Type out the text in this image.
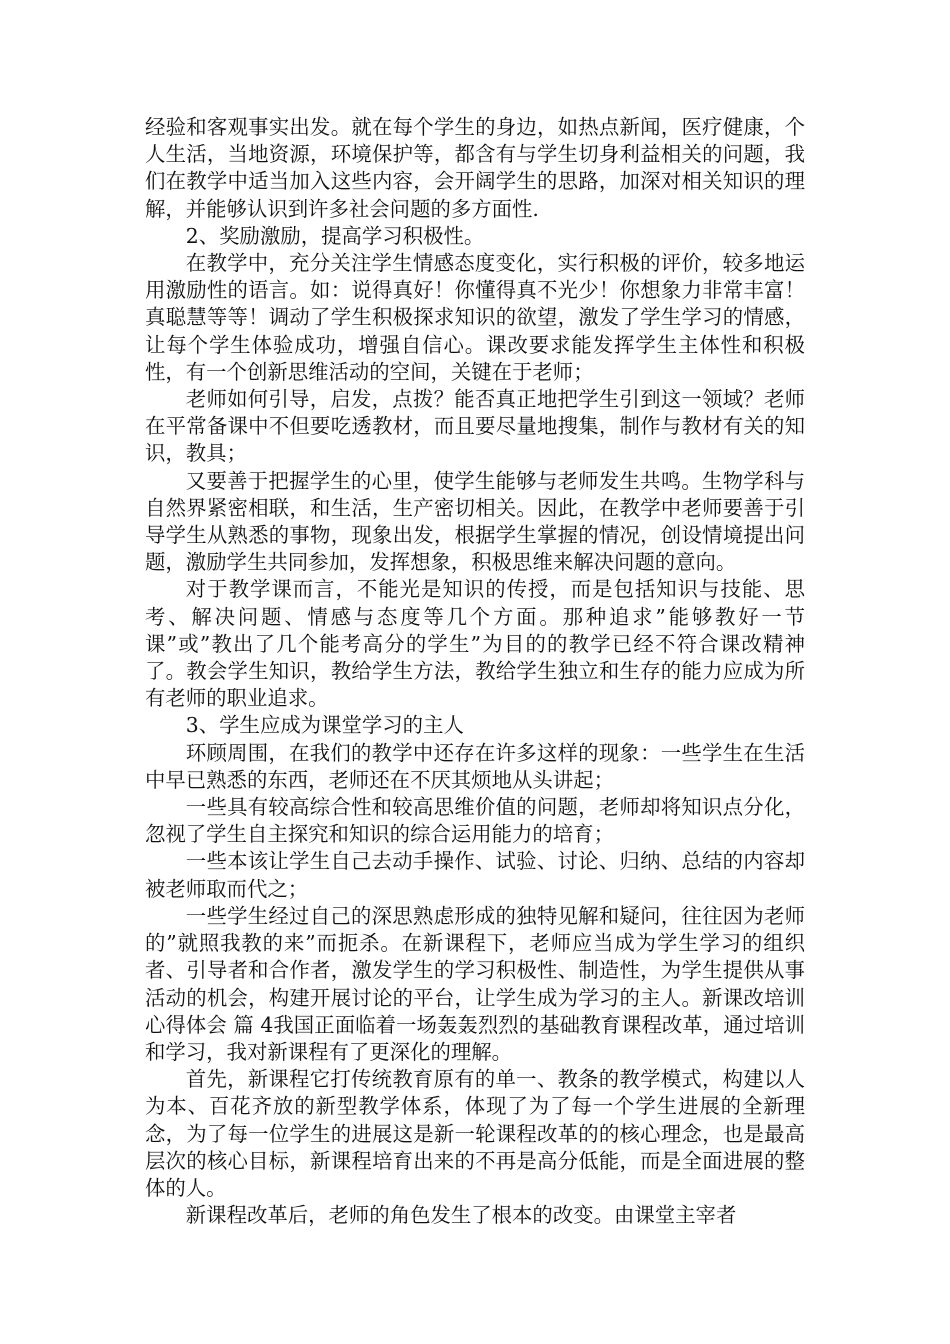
经验和客观事实出发。就在每个学生的身边，如热点新闻，医疗健康，个人生活，当地资源，环境保护等，都含有与学生切身利益相关的问题，我们在教学中适当加入这些内容，会开阔学生的思路，加深对相关知识的理解，并能够认识到许多社会问题的多方面性.

2、奖励激励，提高学习积极性。

在教学中，充分关注学生情感态度变化，实行积极的评价，较多地运用激励性的语言。如：说得真好！你懂得真不光少！你想象力非常丰富！真聪慧等等！调动了学生积极探求知识的欲望，激发了学生学习的情感，让每个学生体验成功，增强自信心。课改要求能发挥学生主体性和积极性，有一个创新思维活动的空间，关键在于老师；

老师如何引导，启发，点拨？能否真正地把学生引到这一领域？老师在平常备课中不但要吃透教材，而且要尽量地搜集，制作与教材有关的知识，教具；

又要善于把握学生的心里，使学生能够与老师发生共鸣。生物学科与自然界紧密相联，和生活，生产密切相关。因此，在教学中老师要善于引导学生从熟悉的事物，现象出发，根据学生掌握的情况，创设情境提出问题，激励学生共同参加，发挥想象，积极思维来解决问题的意向。

对于教学课而言，不能光是知识的传授，而是包括知识与技能、思考、解决问题、情感与态度等几个方面。那种追求”能够教好一节课”或”教出了几个能考高分的学生”为目的的教学已经不符合课改精神了。教会学生知识，教给学生方法，教给学生独立和生存的能力应成为所有老师的职业追求。

3、学生应成为课堂学习的主人

环顾周围，在我们的教学中还存在许多这样的现象：一些学生在生活中早已熟悉的东西，老师还在不厌其烦地从头讲起；

一些具有较高综合性和较高思维价值的问题，老师却将知识点分化，忽视了学生自主探究和知识的综合运用能力的培育；

一些本该让学生自己去动手操作、试验、讨论、归纳、总结的内容却被老师取而代之；

一些学生经过自己的深思熟虑形成的独特见解和疑问，往往因为老师的”就照我教的来”而扼杀。在新课程下，老师应当成为学生学习的组织者、引导者和合作者，激发学生的学习积极性、制造性，为学生提供从事活动的机会，构建开展讨论的平台，让学生成为学习的主人。新课改培训心得体会 篇 4我国正面临着一场轰轰烈烈的基础教育课程改革，通过培训和学习，我对新课程有了更深化的理解。

首先，新课程它打传统教育原有的单一、教条的教学模式，构建以人为本、百花齐放的新型教学体系，体现了为了每一个学生进展的全新理念，为了每一位学生的进展这是新一轮课程改革的的核心理念，也是最高层次的核心目标，新课程培育出来的不再是高分低能，而是全面进展的整体的人。

新课程改革后，老师的角色发生了根本的改变。由课堂主宰者
